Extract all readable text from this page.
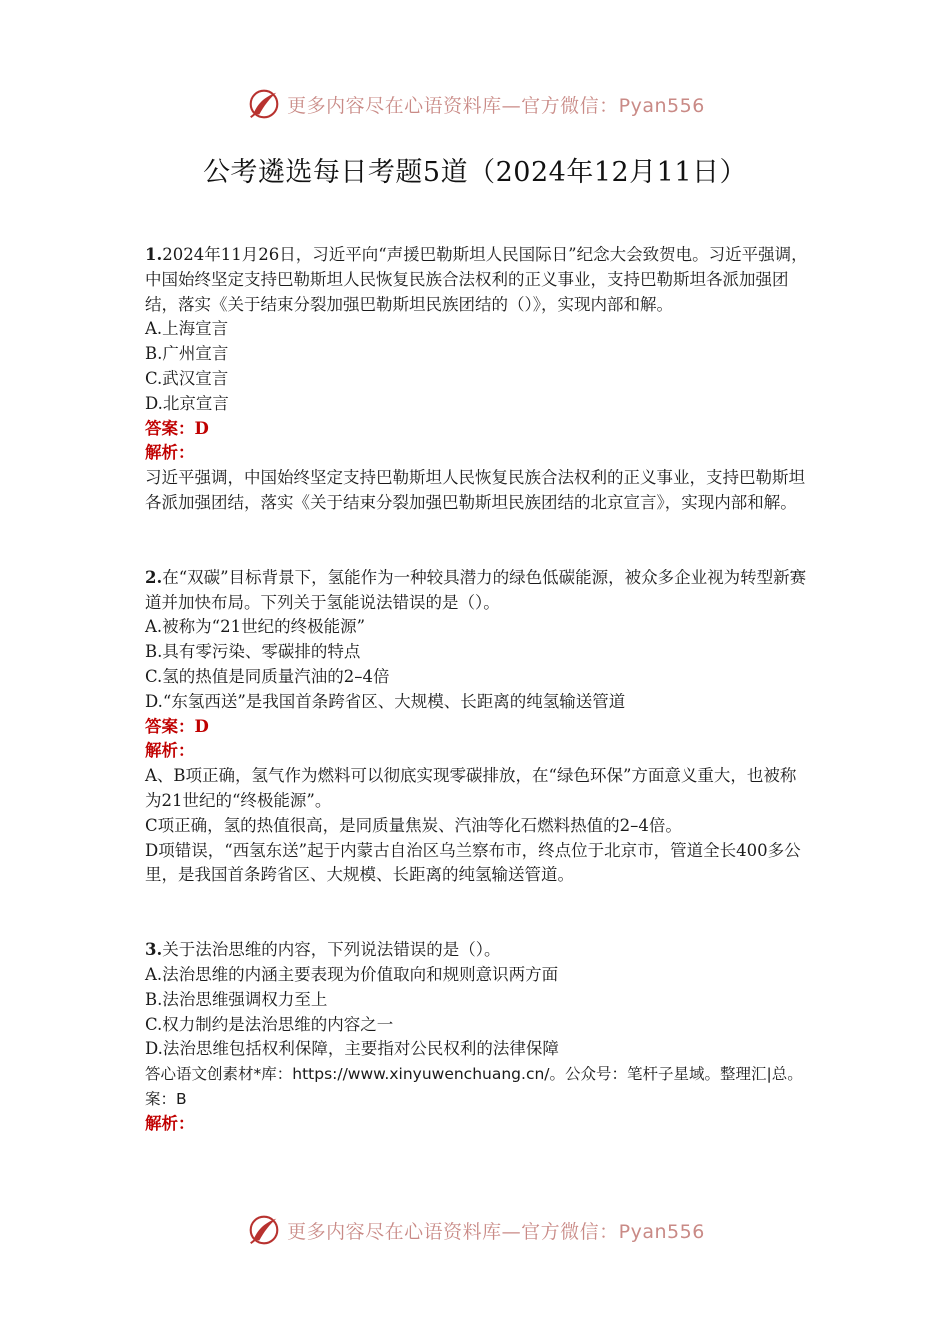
更多内容尽在心语资料库—官方微信：Pyan556
公考遴选每日考题5道（2024年12月11日）

1.2024年11月26日，习近平向“声援巴勒斯坦人民国际日”纪念大会致贺电。习近平强调，中国始终坚定支持巴勒斯坦人民恢复民族合法权利的正义事业，支持巴勒斯坦各派加强团结，落实《关于结束分裂加强巴勒斯坦民族团结的（）》，实现内部和解。

A.上海宣言

B.广州宣言

C.武汉宣言

D.北京宣言

答案：D

解析：

习近平强调，中国始终坚定支持巴勒斯坦人民恢复民族合法权利的正义事业，支持巴勒斯坦各派加强团结，落实《关于结束分裂加强巴勒斯坦民族团结的北京宣言》，实现内部和解。

2.在“双碳”目标背景下，氢能作为一种较具潜力的绿色低碳能源，被众多企业视为转型新赛道并加快布局。下列关于氢能说法错误的是（）。

A.被称为“21世纪的终极能源”

B.具有零污染、零碳排的特点

C.氢的热值是同质量汽油的2–4倍

D.“东氢西送”是我国首条跨省区、大规模、长距离的纯氢输送管道

答案：D

解析：

A、B项正确，氢气作为燃料可以彻底实现零碳排放，在“绿色环保”方面意义重大，也被称为21世纪的“终极能源”。

C项正确，氢的热值很高，是同质量焦炭、汽油等化石燃料热值的2–4倍。

D项错误，“西氢东送”起于内蒙古自治区乌兰察布市，终点位于北京市，管道全长400多公里，是我国首条跨省区、大规模、长距离的纯氢输送管道。

3.关于法治思维的内容，下列说法错误的是（）。

A.法治思维的内涵主要表现为价值取向和规则意识两方面

B.法治思维强调权力至上

C.权力制约是法治思维的内容之一

D.法治思维包括权利保障，主要指对公民权利的法律保障

答心语文创素材*库：https://www.xinyuwenchuang.cn/。公众号：笔杆子星域。整理汇|总。案：B

解析：

更多内容尽在心语资料库—官方微信：Pyan556
